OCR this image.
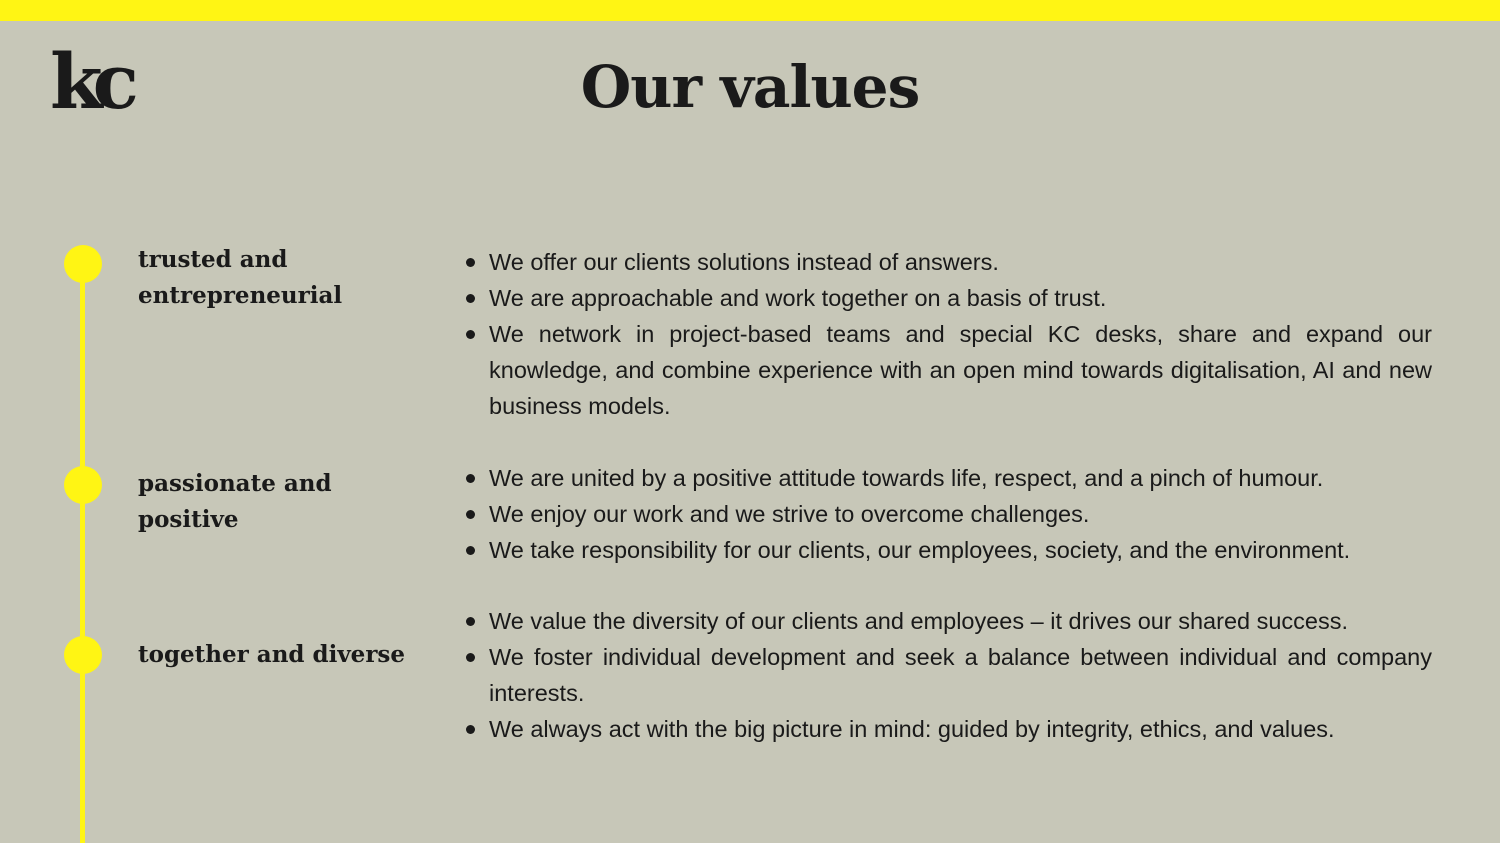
kc	Our values

trusted and entrepreneurial

We offer our clients solutions instead of answers.
We are approachable and work together on a basis of trust.
We network in project-based teams and special KC desks, share and expand our knowledge, and combine experience with an open mind towards digitalisation, AI and new business models.

passionate and positive

We are united by a positive attitude towards life, respect, and a pinch of humour.
We enjoy our work and we strive to overcome challenges.
We take responsibility for our clients, our employees, society, and the environment.

together and diverse

We value the diversity of our clients and employees – it drives our shared success.
We foster individual development and seek a balance between individual and company interests.
We always act with the big picture in mind: guided by integrity, ethics, and values.
